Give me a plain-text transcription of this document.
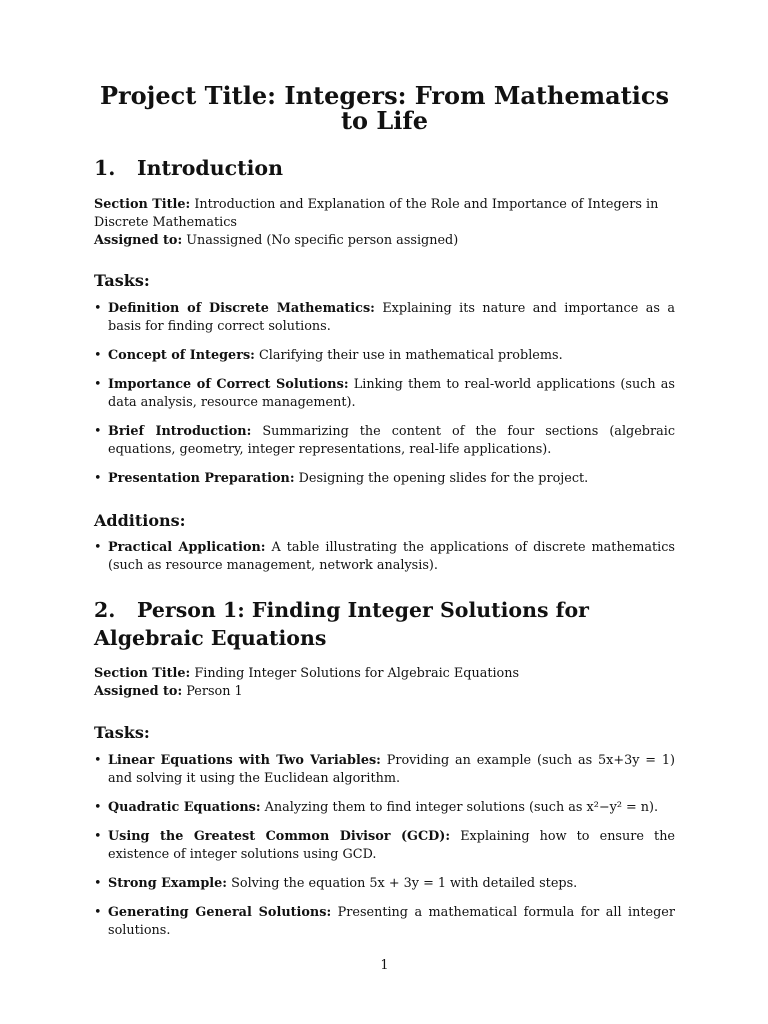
Project Title: Integers: From Mathematics to Life
1. Introduction
Section Title: Introduction and Explanation of the Role and Importance of Integers in Discrete Mathematics
Assigned to: Unassigned (No specific person assigned)
Tasks:
• Definition of Discrete Mathematics: Explaining its nature and importance as a basis for finding correct solutions.
• Concept of Integers: Clarifying their use in mathematical problems.
• Importance of Correct Solutions: Linking them to real-world applications (such as data analysis, resource management).
• Brief Introduction: Summarizing the content of the four sections (algebraic equations, geometry, integer representations, real-life applications).
• Presentation Preparation: Designing the opening slides for the project.
Additions:
• Practical Application: A table illustrating the applications of discrete mathematics (such as resource management, network analysis).
2. Person 1: Finding Integer Solutions for Algebraic Equations
Section Title: Finding Integer Solutions for Algebraic Equations
Assigned to: Person 1
Tasks:
• Linear Equations with Two Variables: Providing an example (such as 5x+3y = 1) and solving it using the Euclidean algorithm.
• Quadratic Equations: Analyzing them to find integer solutions (such as x²−y² = n).
• Using the Greatest Common Divisor (GCD): Explaining how to ensure the existence of integer solutions using GCD.
• Strong Example: Solving the equation 5x + 3y = 1 with detailed steps.
• Generating General Solutions: Presenting a mathematical formula for all integer solutions.
1
